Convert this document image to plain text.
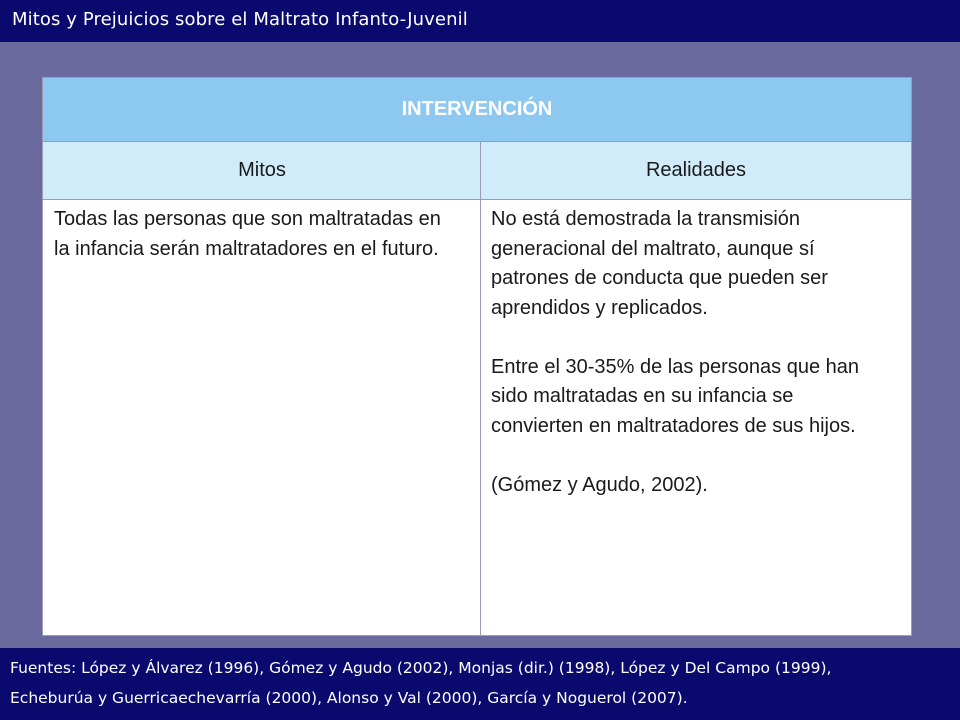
Mitos y Prejuicios sobre el Maltrato Infanto-Juvenil
INTERVENCIÓN
Mitos	Realidades

Todas las personas que son maltratadas en la infancia serán maltratadores en el futuro.

No está demostrada la transmisión generacional del maltrato, aunque sí patrones de conducta que pueden ser aprendidos y replicados.

Entre el 30-35% de las personas que han sido maltratadas en su infancia se convierten en maltratadores de sus hijos.

(Gómez y Agudo, 2002).

Fuentes: López y Álvarez (1996), Gómez y Agudo (2002), Monjas (dir.) (1998), López y Del Campo (1999),
Echeburúa y Guerricaechevarría (2000), Alonso y Val (2000), García y Noguerol (2007).
